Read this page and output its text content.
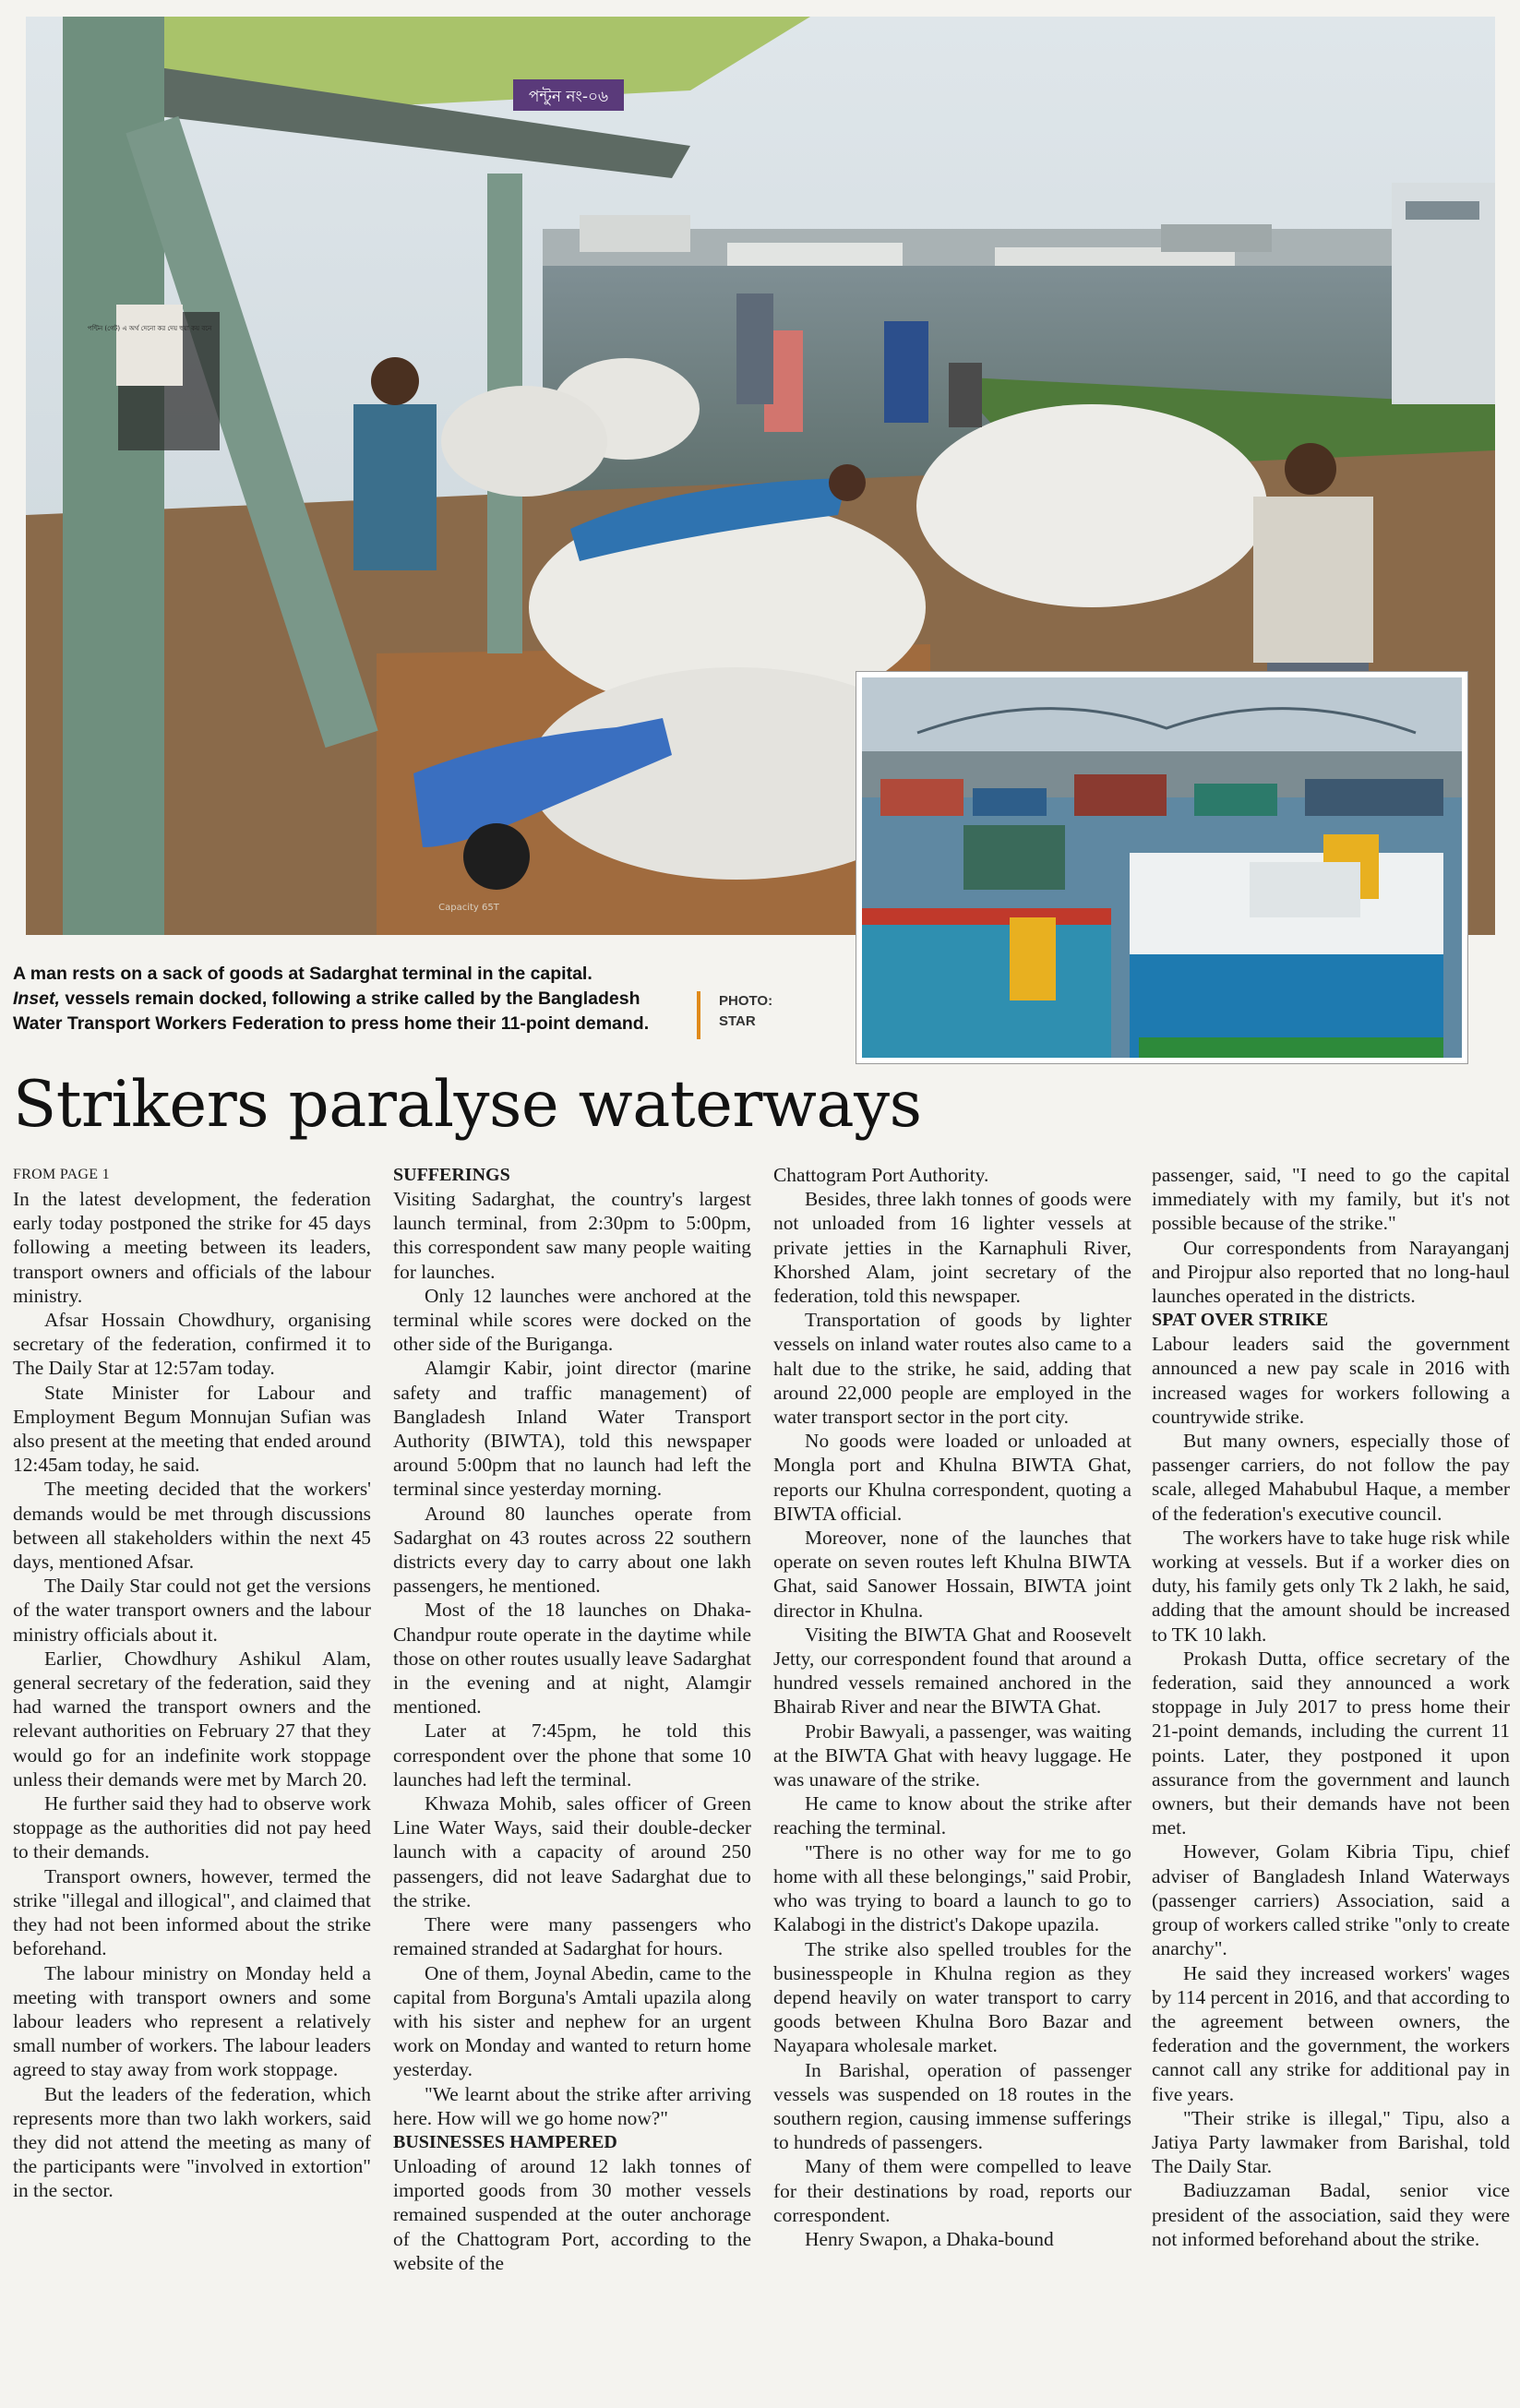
পন্টুন নং-০৬
পন্টিন (গেট) এ অর্থ দেনো কর দেয় হুয়া কয় বনে
Capacity 65T
A man rests on a sack of goods at Sadarghat terminal in the capital.
Inset, vessels remain docked, following a strike called by the Bangladesh Water Transport Workers Federation to press home their 11-point demand.
PHOTO:
STAR
Strikers paralyse waterways

FROM PAGE 1

In the latest development, the federation early today postponed the strike for 45 days following a meeting between its leaders, transport owners and officials of the labour ministry.

Afsar Hossain Chowdhury, organising secretary of the federation, confirmed it to The Daily Star at 12:57am today.

State Minister for Labour and Employment Begum Monnujan Sufian was also present at the meeting that ended around 12:45am today, he said.

The meeting decided that the workers' demands would be met through discussions between all stakeholders within the next 45 days, mentioned Afsar.

The Daily Star could not get the versions of the water transport owners and the labour ministry officials about it.

Earlier, Chowdhury Ashikul Alam, general secretary of the federation, said they had warned the transport owners and the relevant authorities on February 27 that they would go for an indefinite work stoppage unless their demands were met by March 20.

He further said they had to observe work stoppage as the authorities did not pay heed to their demands.

Transport owners, however, termed the strike "illegal and illogical", and claimed that they had not been informed about the strike beforehand.

The labour ministry on Monday held a meeting with transport owners and some labour leaders who represent a relatively small number of workers. The labour leaders agreed to stay away from work stoppage.

But the leaders of the federation, which represents more than two lakh workers, said they did not attend the meeting as many of the participants were "involved in extortion" in the sector.

SUFFERINGS

Visiting Sadarghat, the country's largest launch terminal, from 2:30pm to 5:00pm, this correspondent saw many people waiting for launches.

Only 12 launches were anchored at the terminal while scores were docked on the other side of the Buriganga.

Alamgir Kabir, joint director (marine safety and traffic management) of Bangladesh Inland Water Transport Authority (BIWTA), told this newspaper around 5:00pm that no launch had left the terminal since yesterday morning.

Around 80 launches operate from Sadarghat on 43 routes across 22 southern districts every day to carry about one lakh passengers, he mentioned.

Most of the 18 launches on Dhaka-Chandpur route operate in the daytime while those on other routes usually leave Sadarghat in the evening and at night, Alamgir mentioned.

Later at 7:45pm, he told this correspondent over the phone that some 10 launches had left the terminal.

Khwaza Mohib, sales officer of Green Line Water Ways, said their double-decker launch with a capacity of around 250 passengers, did not leave Sadarghat due to the strike.

There were many passengers who remained stranded at Sadarghat for hours.

One of them, Joynal Abedin, came to the capital from Borguna's Amtali upazila along with his sister and nephew for an urgent work on Monday and wanted to return home yesterday.

"We learnt about the strike after arriving here. How will we go home now?"

BUSINESSES HAMPERED

Unloading of around 12 lakh tonnes of imported goods from 30 mother vessels remained suspended at the outer anchorage of the Chattogram Port, according to the website of the

Chattogram Port Authority.

Besides, three lakh tonnes of goods were not unloaded from 16 lighter vessels at private jetties in the Karnaphuli River, Khorshed Alam, joint secretary of the federation, told this newspaper.

Transportation of goods by lighter vessels on inland water routes also came to a halt due to the strike, he said, adding that around 22,000 people are employed in the water transport sector in the port city.

No goods were loaded or unloaded at Mongla port and Khulna BIWTA Ghat, reports our Khulna correspondent, quoting a BIWTA official.

Moreover, none of the launches that operate on seven routes left Khulna BIWTA Ghat, said Sanower Hossain, BIWTA joint director in Khulna.

Visiting the BIWTA Ghat and Roosevelt Jetty, our correspondent found that around a hundred vessels remained anchored in the Bhairab River and near the BIWTA Ghat.

Probir Bawyali, a passenger, was waiting at the BIWTA Ghat with heavy luggage. He was unaware of the strike.

He came to know about the strike after reaching the terminal.

"There is no other way for me to go home with all these belongings," said Probir, who was trying to board a launch to go to Kalabogi in the district's Dakope upazila.

The strike also spelled troubles for the businesspeople in Khulna region as they depend heavily on water transport to carry goods between Khulna Boro Bazar and Nayapara wholesale market.

In Barishal, operation of passenger vessels was suspended on 18 routes in the southern region, causing immense sufferings to hundreds of passengers.

Many of them were compelled to leave for their destinations by road, reports our correspondent.

Henry Swapon, a Dhaka-bound

passenger, said, "I need to go the capital immediately with my family, but it's not possible because of the strike."

Our correspondents from Narayanganj and Pirojpur also reported that no long-haul launches operated in the districts.

SPAT OVER STRIKE

Labour leaders said the government announced a new pay scale in 2016 with increased wages for workers following a countrywide strike.

But many owners, especially those of passenger carriers, do not follow the pay scale, alleged Mahabubul Haque, a member of the federation's executive council.

The workers have to take huge risk while working at vessels. But if a worker dies on duty, his family gets only Tk 2 lakh, he said, adding that the amount should be increased to TK 10 lakh.

Prokash Dutta, office secretary of the federation, said they announced a work stoppage in July 2017 to press home their 21-point demands, including the current 11 points. Later, they postponed it upon assurance from the government and launch owners, but their demands have not been met.

However, Golam Kibria Tipu, chief adviser of Bangladesh Inland Waterways (passenger carriers) Association, said a group of workers called strike "only to create anarchy".

He said they increased workers' wages by 114 percent in 2016, and that according to the agreement between owners, the federation and the government, the workers cannot call any strike for additional pay in five years.

"Their strike is illegal," Tipu, also a Jatiya Party lawmaker from Barishal, told The Daily Star.

Badiuzzaman Badal, senior vice president of the association, said they were not informed beforehand about the strike.
